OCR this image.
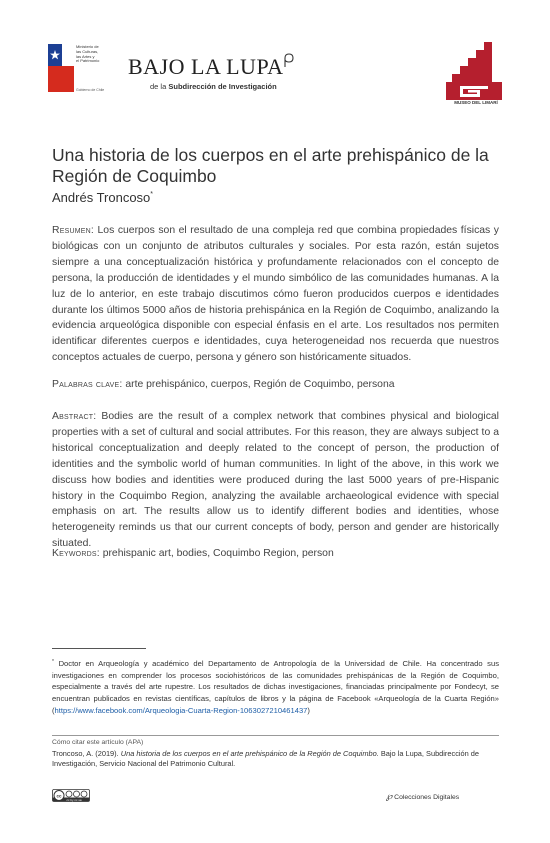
Ministerio de
las Culturas,
las Artes y
el Patrimonio
Gobierno de Chile
BAJO LA LUPA
de la Subdirección de Investigación
MUSEO DEL LIMARÍ
Una historia de los cuerpos en el arte prehispánico de la Región de Coquimbo
Andrés Troncoso*
Resumen: Los cuerpos son el resultado de una compleja red que combina propiedades físicas y biológicas con un conjunto de atributos culturales y sociales. Por esta razón, están sujetos siempre a una conceptualización histórica y profundamente relacionados con el concepto de persona, la producción de identidades y el mundo simbólico de las comunidades humanas. A la luz de lo anterior, en este trabajo discutimos cómo fueron producidos cuerpos e identidades durante los últimos 5000 años de historia prehispánica en la Región de Coquimbo, analizando la evidencia arqueológica disponible con especial énfasis en el arte. Los resultados nos permiten identificar diferentes cuerpos e identidades, cuya heterogeneidad nos recuerda que nuestros conceptos actuales de cuerpo, persona y género son históricamente situados.
Palabras clave: arte prehispánico, cuerpos, Región de Coquimbo, persona
Abstract: Bodies are the result of a complex network that combines physical and biological properties with a set of cultural and social attributes. For this reason, they are always subject to a historical conceptualization and deeply related to the concept of person, the production of identities and the symbolic world of human communities. In light of the above, in this work we discuss how bodies and identities were produced during the last 5000 years of pre-Hispanic history in the Coquimbo Region, analyzing the available archaeological evidence with special emphasis on art. The results allow us to identify different bodies and identities, whose heterogeneity reminds us that our current concepts of body, person and gender are historically situated.
Keywords: prehispanic art, bodies, Coquimbo Region, person
* Doctor en Arqueología y académico del Departamento de Antropología de la Universidad de Chile. Ha concentrado sus investigaciones en comprender los procesos sociohistóricos de las comunidades prehispánicas de la Región de Coquimbo, especialmente a través del arte rupestre. Los resultados de dichas investigaciones, financiadas principalmente por Fondecyt, se encuentran publicados en revistas científicas, capítulos de libros y la página de Facebook «Arqueología de la Cuarta Región» (https://www.facebook.com/Arqueologia-Cuarta-Region-1063027210461437)
Cómo citar este artículo (APA)
Troncoso, A. (2019). Una historia de los cuerpos en el arte prehispánico de la Región de Coquimbo. Bajo la Lupa, Subdirección de Investigación, Servicio Nacional del Patrimonio Cultural.
cc
cc by nc sa	℘ Colecciones Digitales
